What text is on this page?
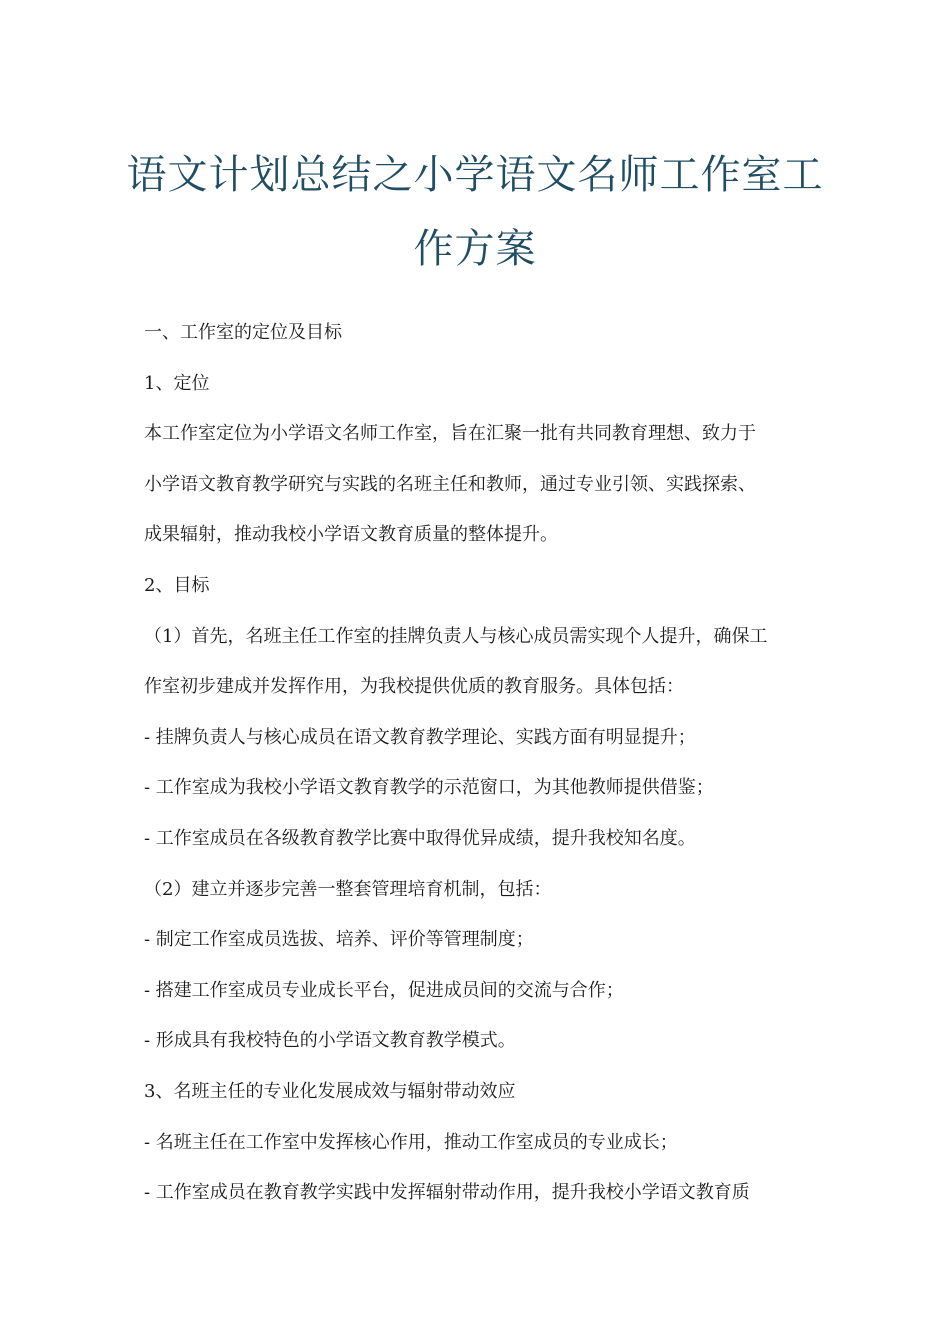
语文计划总结之小学语文名师工作室工
作方案

一、工作室的定位及目标

1、定位

本工作室定位为小学语文名师工作室，旨在汇聚一批有共同教育理想、致力于

小学语文教育教学研究与实践的名班主任和教师，通过专业引领、实践探索、

成果辐射，推动我校小学语文教育质量的整体提升。

2、目标

（1）首先，名班主任工作室的挂牌负责人与核心成员需实现个人提升，确保工

作室初步建成并发挥作用，为我校提供优质的教育服务。具体包括：

- 挂牌负责人与核心成员在语文教育教学理论、实践方面有明显提升；

- 工作室成为我校小学语文教育教学的示范窗口，为其他教师提供借鉴；

- 工作室成员在各级教育教学比赛中取得优异成绩，提升我校知名度。

（2）建立并逐步完善一整套管理培育机制，包括：

- 制定工作室成员选拔、培养、评价等管理制度；

- 搭建工作室成员专业成长平台，促进成员间的交流与合作；

- 形成具有我校特色的小学语文教育教学模式。

3、名班主任的专业化发展成效与辐射带动效应

- 名班主任在工作室中发挥核心作用，推动工作室成员的专业成长；

- 工作室成员在教育教学实践中发挥辐射带动作用，提升我校小学语文教育质
